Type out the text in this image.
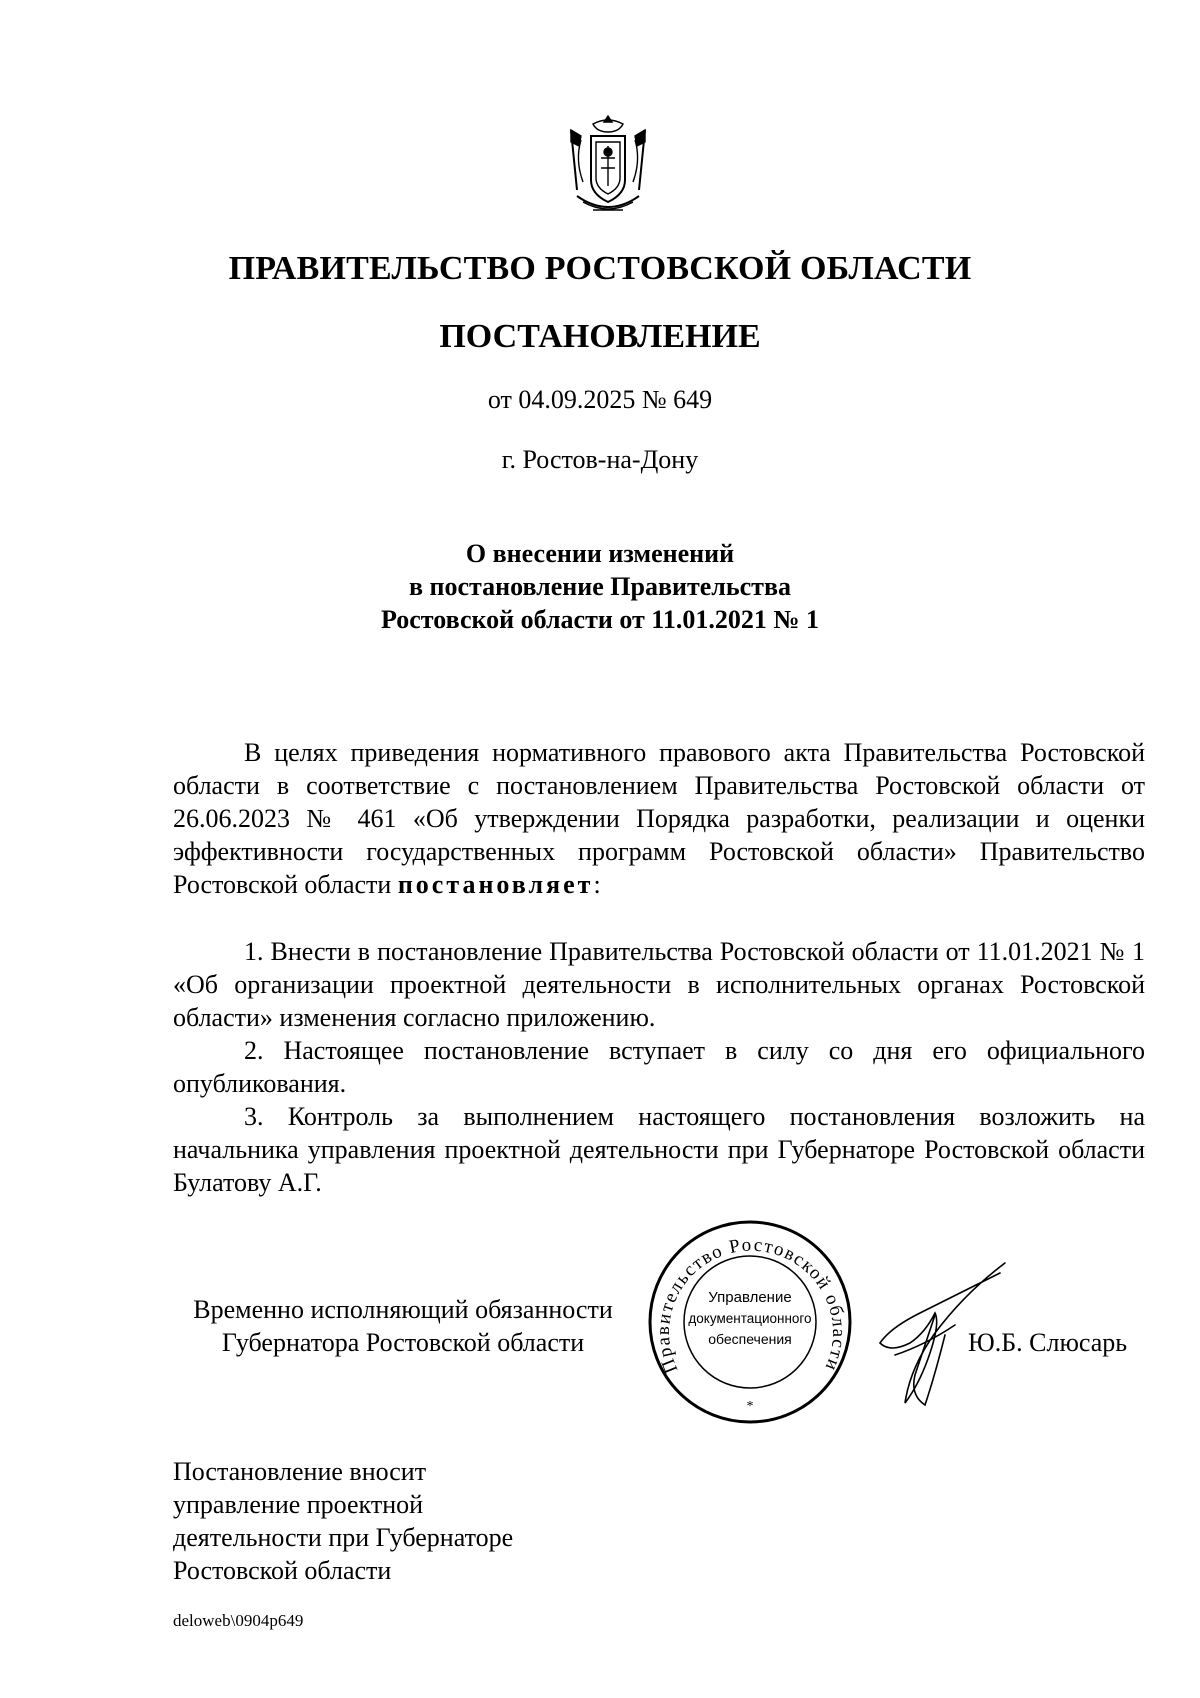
ПРАВИТЕЛЬСТВО РОСТОВСКОЙ ОБЛАСТИ
ПОСТАНОВЛЕНИЕ
от 04.09.2025 № 649
г. Ростов-на-Дону
О внесении изменений
в постановление Правительства
Ростовской области от 11.01.2021 № 1

В целях приведения нормативного правового акта Правительства Ростовской области в соответствие с постановлением Правительства Ростовской области от 26.06.2023 № 461 «Об утверждении Порядка разработки, реализации и оценки эффективности государственных программ Ростовской области» Правительство Ростовской области постановляет:

1. Внести в постановление Правительства Ростовской области от 11.01.2021 № 1 «Об организации проектной деятельности в исполнительных органах Ростовской области» изменения согласно приложению.

2. Настоящее постановление вступает в силу со дня его официального опубликования.

3. Контроль за выполнением настоящего постановления возложить на начальника управления проектной деятельности при Губернаторе Ростовской области Булатову А.Г.

Временно исполняющий обязанности
Губернатора Ростовской области
Правительство Ростовской области
Управление
документационного
обеспечения
*
Ю.Б. Слюсарь
Постановление вносит
управление проектной
деятельности при Губернаторе
Ростовской области
deloweb\0904p649
